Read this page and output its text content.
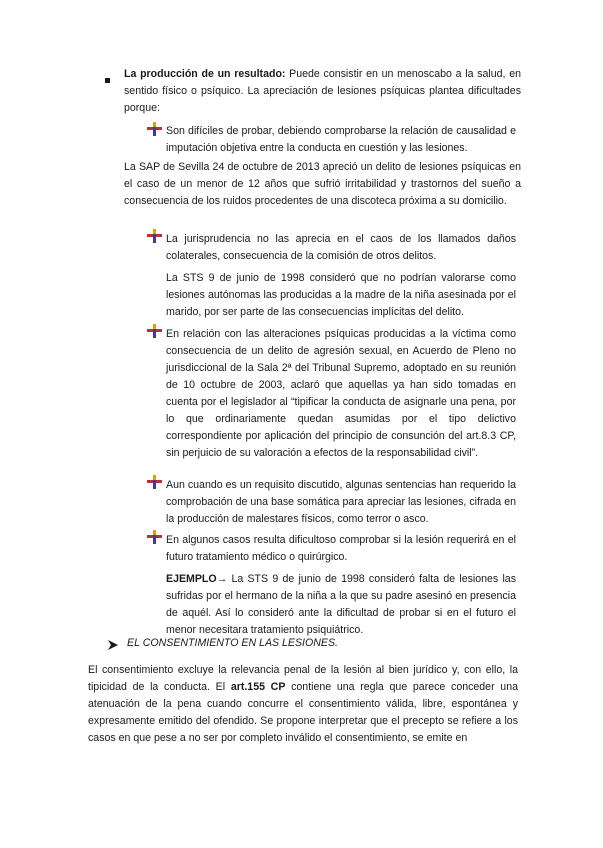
La producción de un resultado: Puede consistir en un menoscabo a la salud, en sentido físico o psíquico. La apreciación de lesiones psíquicas plantea dificultades porque:

Son difíciles de probar, debiendo comprobarse la relación de causalidad e imputación objetiva entre la conducta en cuestión y las lesiones.

La SAP de Sevilla 24 de octubre de 2013 apreció un delito de lesiones psíquicas en el caso de un menor de 12 años que sufrió irritabilidad y trastornos del sueño a consecuencia de los ruidos procedentes de una discoteca próxima a su domicilio.

La jurisprudencia no las aprecia en el caos de los llamados daños colaterales, consecuencia de la comisión de otros delitos.

La STS 9 de junio de 1998 consideró que no podrían valorarse como lesiones autónomas las producidas a la madre de la niña asesinada por el marido, por ser parte de las consecuencias implícitas del delito.

En relación con las alteraciones psíquicas producidas a la víctima como consecuencia de un delito de agresión sexual, en Acuerdo de Pleno no jurisdiccional de la Sala 2ª del Tribunal Supremo, adoptado en su reunión de 10 octubre de 2003, aclaró que aquellas ya han sido tomadas en cuenta por el legislador al “tipificar la conducta de asignarle una pena, por lo que ordinariamente quedan asumidas por el tipo delictivo correspondiente por aplicación del principio de consunción del art.8.3 CP, sin perjuicio de su valoración a efectos de la responsabilidad civil”.

Aun cuando es un requisito discutido, algunas sentencias han requerido la comprobación de una base somática para apreciar las lesiones, cifrada en la producción de malestares físicos, como terror o asco.

En algunos casos resulta dificultoso comprobar si la lesión requerirá en el futuro tratamiento médico o quirúrgico.

EJEMPLO→ La STS 9 de junio de 1998 consideró falta de lesiones las sufridas por el hermano de la niña a la que su padre asesinó en presencia de aquél. Así lo consideró ante la dificultad de probar si en el futuro el menor necesitara tratamiento psiquiátrico.

EL CONSENTIMIENTO EN LAS LESIONES.

El consentimiento excluye la relevancia penal de la lesión al bien jurídico y, con ello, la tipicidad de la conducta. El art.155 CP contiene una regla que parece conceder una atenuación de la pena cuando concurre el consentimiento válida, libre, espontánea y expresamente emitido del ofendido. Se propone interpretar que el precepto se refiere a los casos en que pese a no ser por completo inválido el consentimiento, se emite en
